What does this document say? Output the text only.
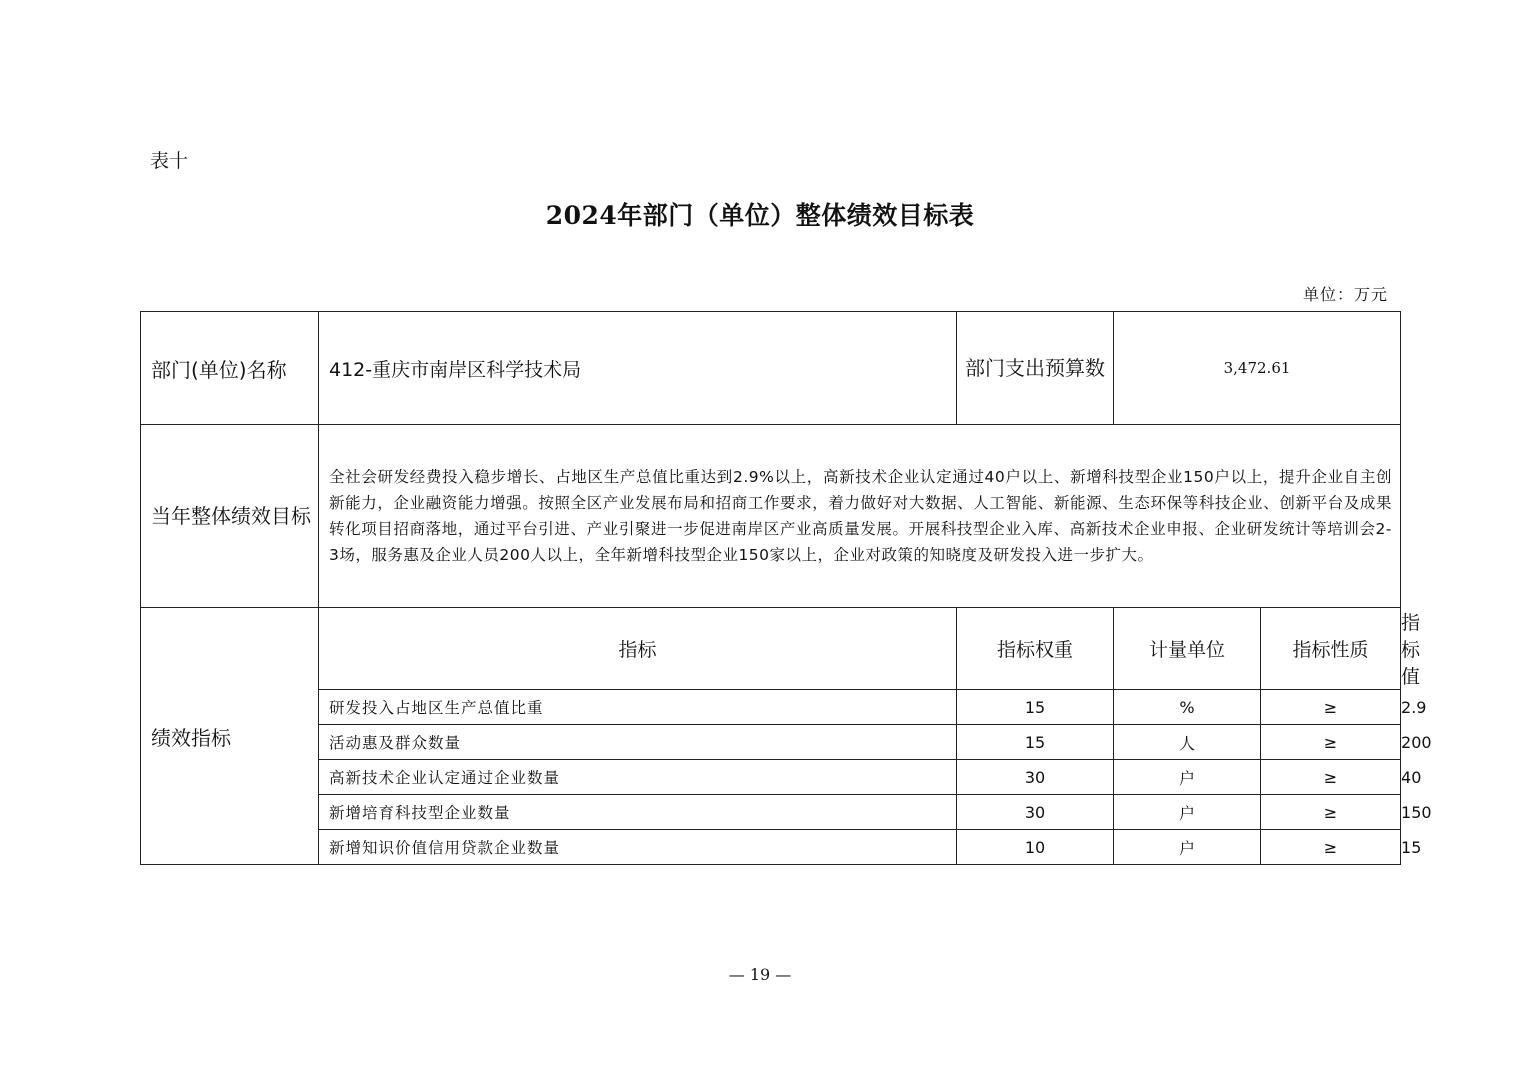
表十
2024年部门（单位）整体绩效目标表
单位：万元
部门(单位)名称	412-重庆市南岸区科学技术局	部门支出预算数	3,472.61		
当年整体绩效目标	全社会研发经费投入稳步增长、占地区生产总值比重达到2.9%以上，高新技术企业认定通过40户以上、新增科技型企业150户以上，提升企业自主创新能力，企业融资能力增强。按照全区产业发展布局和招商工作要求，着力做好对大数据、人工智能、新能源、生态环保等科技企业、创新平台及成果转化项目招商落地，通过平台引进、产业引聚进一步促进南岸区产业高质量发展。开展科技型企业入库、高新技术企业申报、企业研发统计等培训会2-3场，服务惠及企业人员200人以上，全年新增科技型企业150家以上，企业对政策的知晓度及研发投入进一步扩大。				
绩效指标	指标	指标权重	计量单位	指标性质	指标值
	研发投入占地区生产总值比重	15	%	≥	2.9
	活动惠及群众数量	15	人	≥	200
	高新技术企业认定通过企业数量	30	户	≥	40
	新增培育科技型企业数量	30	户	≥	150
	新增知识价值信用贷款企业数量	10	户	≥	15
— 19 —
